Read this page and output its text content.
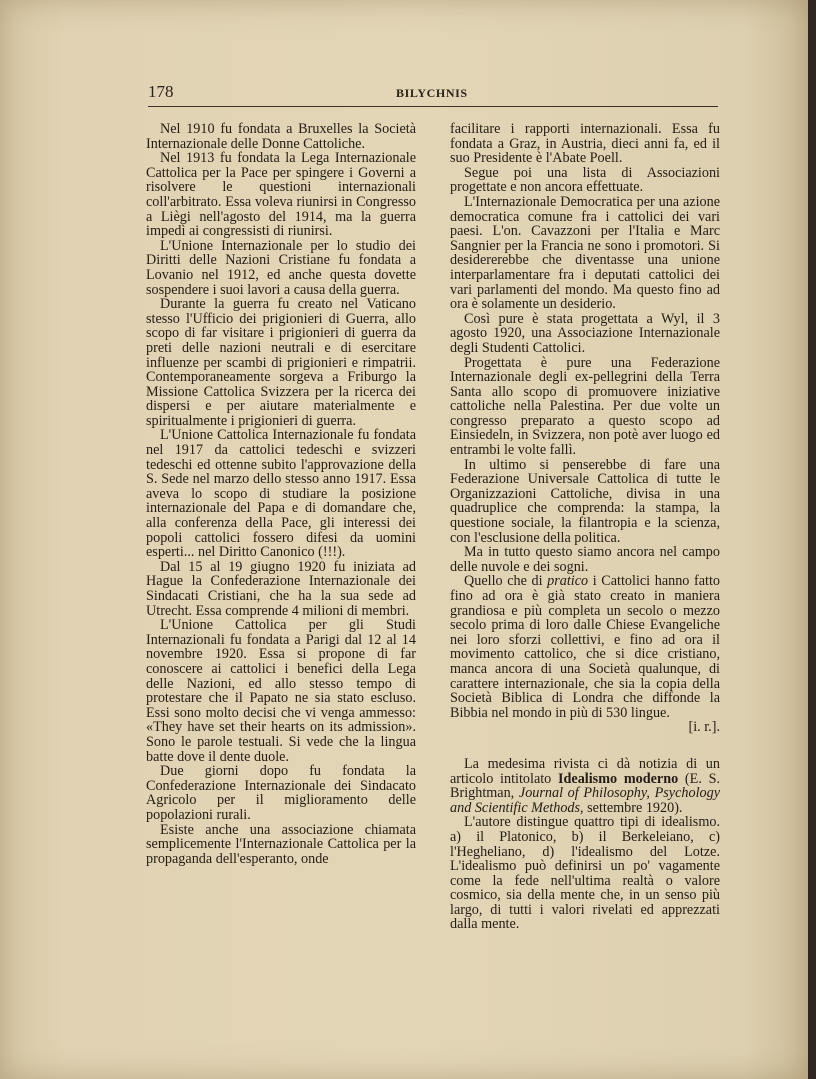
178	BILYCHNIS

Nel 1910 fu fondata a Bruxelles la Società Internazionale delle Donne Cattoliche.

Nel 1913 fu fondata la Lega Internazionale Cattolica per la Pace per spingere i Governi a risolvere le questioni internazionali coll'arbitrato. Essa voleva riunirsi in Congresso a Liègi nell'agosto del 1914, ma la guerra impedì ai congressisti di riunirsi.

L'Unione Internazionale per lo studio dei Diritti delle Nazioni Cristiane fu fondata a Lovanio nel 1912, ed anche questa dovette sospendere i suoi lavori a causa della guerra.

Durante la guerra fu creato nel Vaticano stesso l'Ufficio dei prigionieri di Guerra, allo scopo di far visitare i prigionieri di guerra da preti delle nazioni neutrali e di esercitare influenze per scambi di prigionieri e rimpatrii. Contemporaneamente sorgeva a Friburgo la Missione Cattolica Svizzera per la ricerca dei dispersi e per aiutare materialmente e spiritualmente i prigionieri di guerra.

L'Unione Cattolica Internazionale fu fondata nel 1917 da cattolici tedeschi e svizzeri tedeschi ed ottenne subito l'approvazione della S. Sede nel marzo dello stesso anno 1917. Essa aveva lo scopo di studiare la posizione internazionale del Papa e di domandare che, alla conferenza della Pace, gli interessi dei popoli cattolici fossero difesi da uomini esperti... nel Diritto Canonico (!!!).

Dal 15 al 19 giugno 1920 fu iniziata ad Hague la Confederazione Internazionale dei Sindacati Cristiani, che ha la sua sede ad Utrecht. Essa comprende 4 milioni di membri.

L'Unione Cattolica per gli Studi Internazionali fu fondata a Parigi dal 12 al 14 novembre 1920. Essa si propone di far conoscere ai cattolici i benefici della Lega delle Nazioni, ed allo stesso tempo di protestare che il Papato ne sia stato escluso. Essi sono molto decisi che vi venga ammesso: «They have set their hearts on its admission». Sono le parole testuali. Si vede che la lingua batte dove il dente duole.

Due giorni dopo fu fondata la Confederazione Internazionale dei Sindacato Agricolo per il miglioramento delle popolazioni rurali.

Esiste anche una associazione chiamata semplicemente l'Internazionale Cattolica per la propaganda dell'esperanto, onde

facilitare i rapporti internazionali. Essa fu fondata a Graz, in Austria, dieci anni fa, ed il suo Presidente è l'Abate Poell.

Segue poi una lista di Associazioni progettate e non ancora effettuate.

L'Internazionale Democratica per una azione democratica comune fra i cattolici dei vari paesi. L'on. Cavazzoni per l'Italia e Marc Sangnier per la Francia ne sono i promotori. Si desidererebbe che diventasse una unione interparlamentare fra i deputati cattolici dei vari parlamenti del mondo. Ma questo fino ad ora è solamente un desiderio.

Così pure è stata progettata a Wyl, il 3 agosto 1920, una Associazione Internazionale degli Studenti Cattolici.

Progettata è pure una Federazione Internazionale degli ex-pellegrini della Terra Santa allo scopo di promuovere iniziative cattoliche nella Palestina. Per due volte un congresso preparato a questo scopo ad Einsiedeln, in Svizzera, non potè aver luogo ed entrambi le volte fallì.

In ultimo si penserebbe di fare una Federazione Universale Cattolica di tutte le Organizzazioni Cattoliche, divisa in una quadruplice che comprenda: la stampa, la questione sociale, la filantropia e la scienza, con l'esclusione della politica.

Ma in tutto questo siamo ancora nel campo delle nuvole e dei sogni.

Quello che di pratico i Cattolici hanno fatto fino ad ora è già stato creato in maniera grandiosa e più completa un secolo o mezzo secolo prima di loro dalle Chiese Evangeliche nei loro sforzi collettivi, e fino ad ora il movimento cattolico, che si dice cristiano, manca ancora di una Società qualunque, di carattere internazionale, che sia la copia della Società Biblica di Londra che diffonde la Bibbia nel mondo in più di 530 lingue.

[i. r.].

La medesima rivista ci dà notizia di un articolo intitolato Idealismo moderno (E. S. Brightman, Journal of Philosophy, Psychology and Scientific Methods, settembre 1920).

L'autore distingue quattro tipi di idealismo. a) il Platonico, b) il Berkeleiano, c) l'Hegheliano, d) l'idealismo del Lotze. L'idealismo può definirsi un po' vagamente come la fede nell'ultima realtà o valore cosmico, sia della mente che, in un senso più largo, di tutti i valori rivelati ed apprezzati dalla mente.
